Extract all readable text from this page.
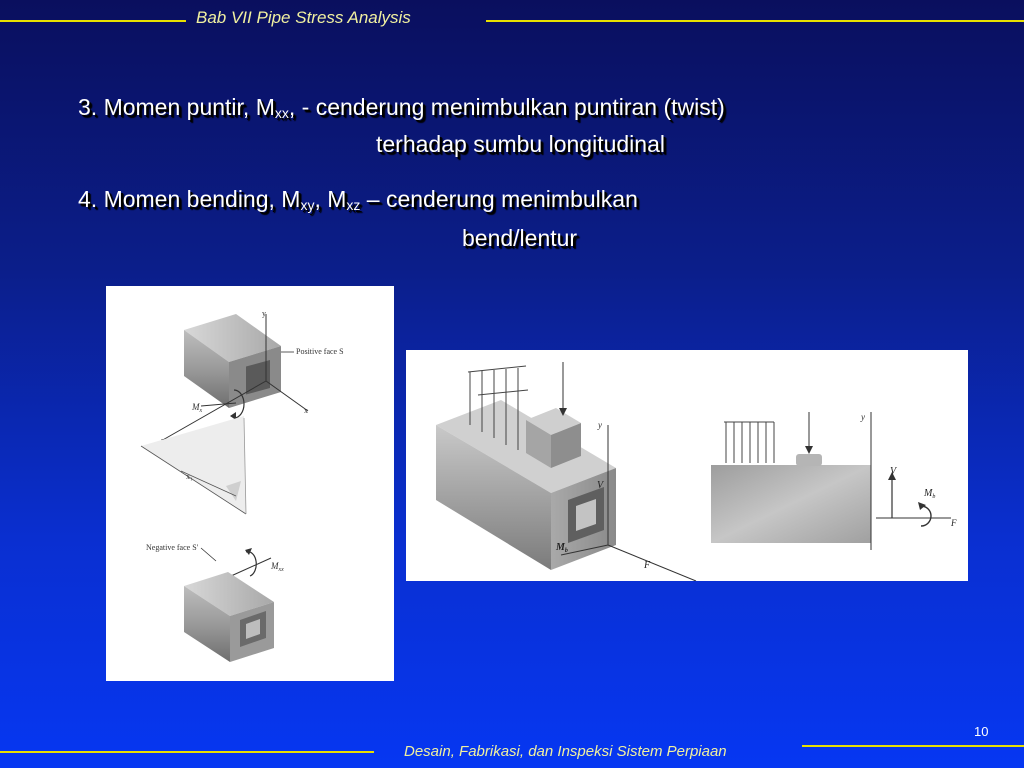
Bab VII Pipe Stress Analysis
3. Momen puntir, $M_{xx}$, - cenderung menimbulkan puntiran (twist)
terhadap sumbu longitudinal
4. Momen bending, $M_{xy}$, $M_{xz}$ – cenderung menimbulkan
bend/lentur
y
x
Positive face S
$M_x$
x₁
Negative face S'
$M_{xx}$
y
$M_b$
V
F
y
V
F
$M_b$
10
Desain, Fabrikasi, dan Inspeksi Sistem Perpiaan
